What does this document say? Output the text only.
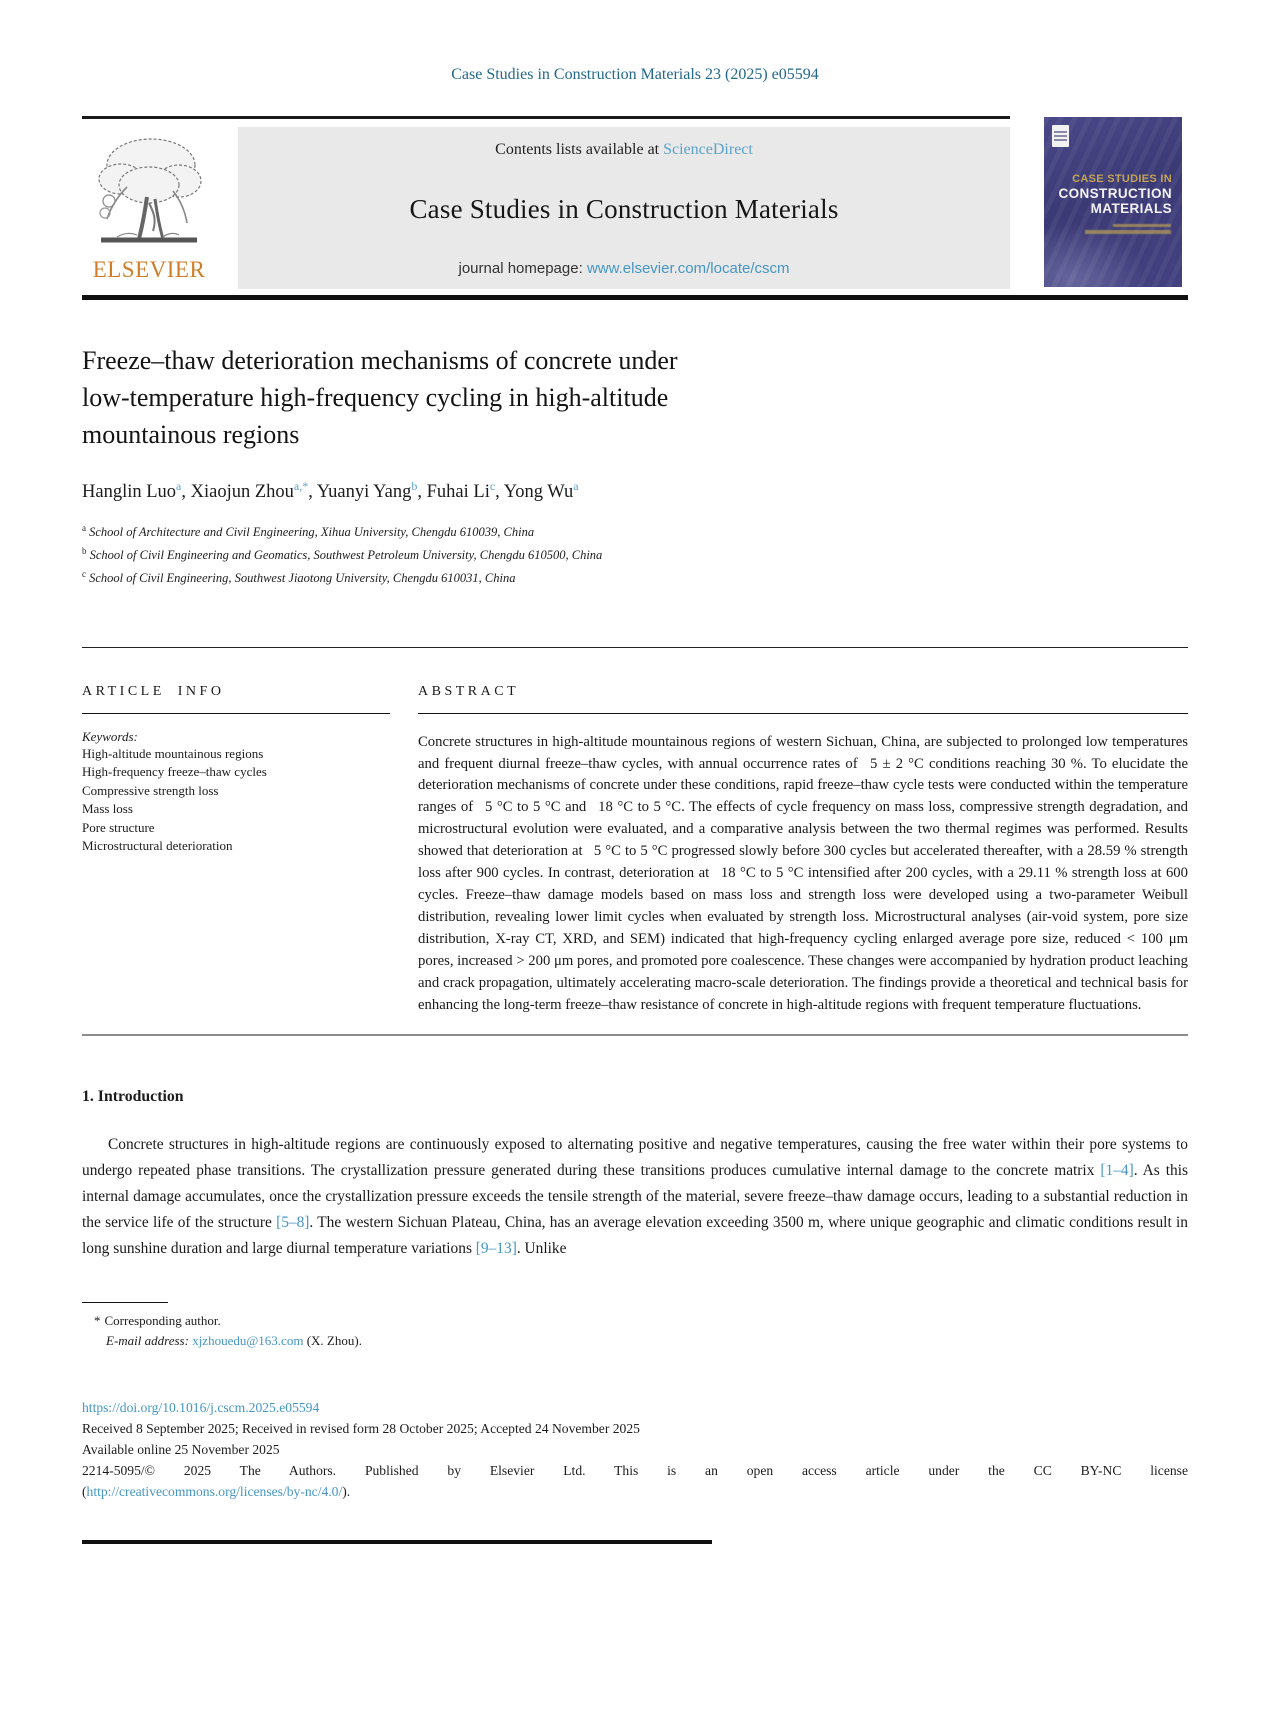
Case Studies in Construction Materials 23 (2025) e05594
ELSEVIER
Contents lists available at ScienceDirect
Case Studies in Construction Materials
journal homepage: www.elsevier.com/locate/cscm
CASE STUDIES IN
CONSTRUCTION
MATERIALS
Freeze–thaw deterioration mechanisms of concrete under
low-temperature high-frequency cycling in high-altitude
mountainous regions
Hanglin Luo$^a$, Xiaojun Zhou$^{a,*}$, Yuanyi Yang$^b$, Fuhai Li$^c$, Yong Wu$^a$
$^a$ School of Architecture and Civil Engineering, Xihua University, Chengdu 610039, China
$^b$ School of Civil Engineering and Geomatics, Southwest Petroleum University, Chengdu 610500, China
$^c$ School of Civil Engineering, Southwest Jiaotong University, Chengdu 610031, China
ARTICLE INFO
Keywords:
High-altitude mountainous regions
High-frequency freeze–thaw cycles
Compressive strength loss
Mass loss
Pore structure
Microstructural deterioration
ABSTRACT
Concrete structures in high-altitude mountainous regions of western Sichuan, China, are subjected to prolonged low temperatures and frequent diurnal freeze–thaw cycles, with annual occurrence rates of  5 ± 2 °C conditions reaching 30 %. To elucidate the deterioration mechanisms of concrete under these conditions, rapid freeze–thaw cycle tests were conducted within the temperature ranges of  5 °C to 5 °C and  18 °C to 5 °C. The effects of cycle frequency on mass loss, compressive strength degradation, and microstructural evolution were evaluated, and a comparative analysis between the two thermal regimes was performed. Results showed that deterioration at  5 °C to 5 °C progressed slowly before 300 cycles but accelerated thereafter, with a 28.59 % strength loss after 900 cycles. In contrast, deterioration at  18 °C to 5 °C intensified after 200 cycles, with a 29.11 % strength loss at 600 cycles. Freeze–thaw damage models based on mass loss and strength loss were developed using a two-parameter Weibull distribution, revealing lower limit cycles when evaluated by strength loss. Microstructural analyses (air-void system, pore size distribution, X-ray CT, XRD, and SEM) indicated that high-frequency cycling enlarged average pore size, reduced < 100 μm pores, increased > 200 μm pores, and promoted pore coalescence. These changes were accompanied by hydration product leaching and crack propagation, ultimately accelerating macro-scale deterioration. The findings provide a theoretical and technical basis for enhancing the long-term freeze–thaw resistance of concrete in high-altitude regions with frequent temperature fluctuations.
1. Introduction
Concrete structures in high-altitude regions are continuously exposed to alternating positive and negative temperatures, causing the free water within their pore systems to undergo repeated phase transitions. The crystallization pressure generated during these transitions produces cumulative internal damage to the concrete matrix [1–4]. As this internal damage accumulates, once the crystallization pressure exceeds the tensile strength of the material, severe freeze–thaw damage occurs, leading to a substantial reduction in the service life of the structure [5–8]. The western Sichuan Plateau, China, has an average elevation exceeding 3500 m, where unique geographic and climatic conditions result in long sunshine duration and large diurnal temperature variations [9–13]. Unlike
* Corresponding author.
E-mail address: xjzhouedu@163.com (X. Zhou).
https://doi.org/10.1016/j.cscm.2025.e05594
Received 8 September 2025; Received in revised form 28 October 2025; Accepted 24 November 2025
Available online 25 November 2025
2214-5095/© 2025 The Authors. Published by Elsevier Ltd. This is an open access article under the CC BY-NC license
(http://creativecommons.org/licenses/by-nc/4.0/).
